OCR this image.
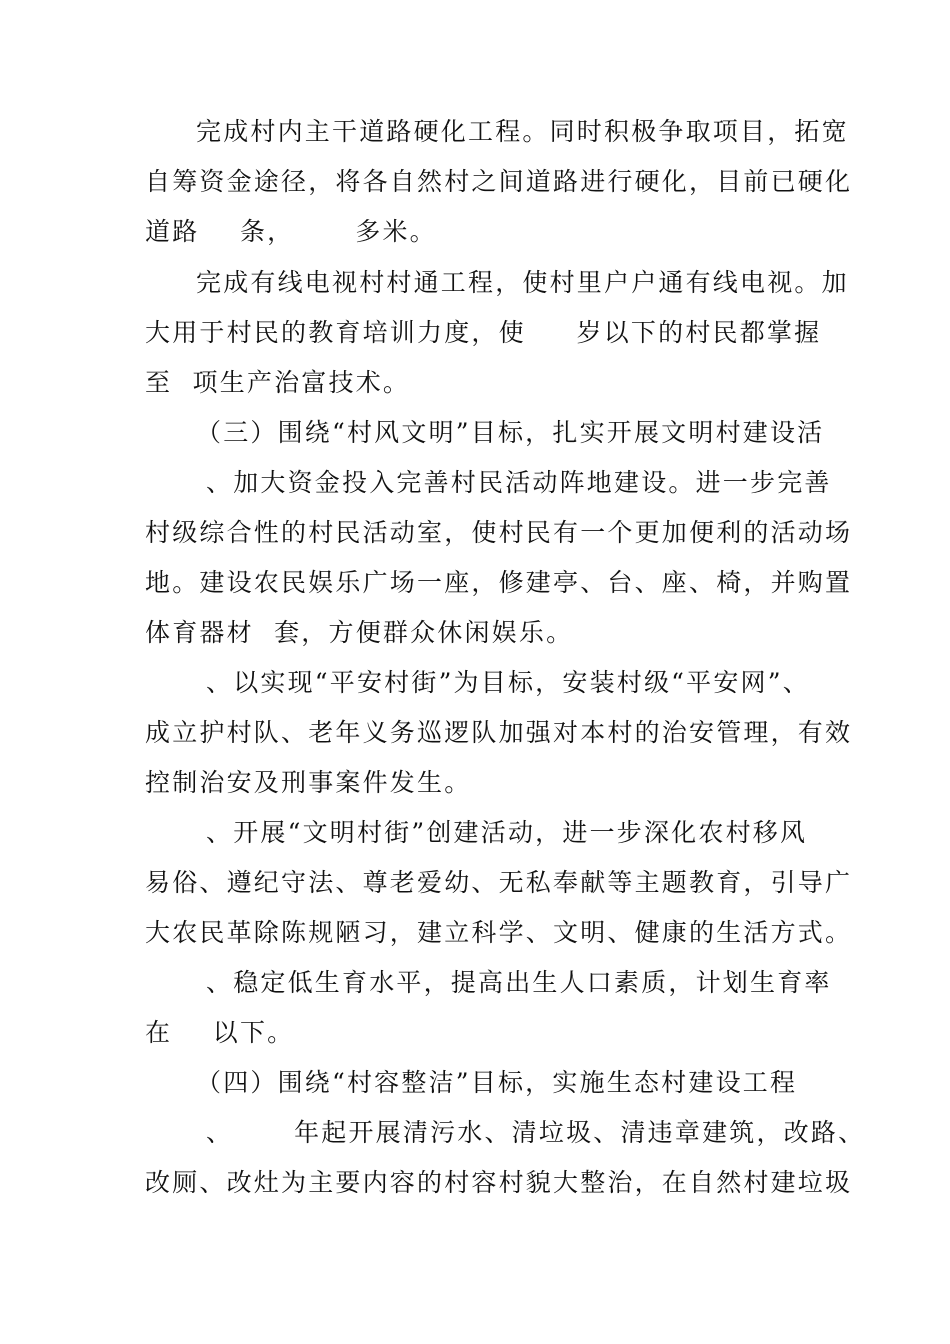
完成村内主干道路硬化工程。同时积极争取项目，拓宽
自筹资金途径，将各自然村之间道路进行硬化，目前已硬化
道路    条，      多米。
完成有线电视村村通工程，使村里户户通有线电视。加
大用于村民的教育培训力度，使     岁以下的村民都掌握
至  项生产治富技术。
（三）围绕“村风文明”目标，扎实开展文明村建设活
、加大资金投入完善村民活动阵地建设。进一步完善
村级综合性的村民活动室，使村民有一个更加便利的活动场
地。建设农民娱乐广场一座，修建亭、台、座、椅，并购置
体育器材  套，方便群众休闲娱乐。
、以实现“平安村街”为目标，安装村级“平安网”、
成立护村队、老年义务巡逻队加强对本村的治安管理，有效
控制治安及刑事案件发生。
、开展“文明村街”创建活动，进一步深化农村移风
易俗、遵纪守法、尊老爱幼、无私奉献等主题教育，引导广
大农民革除陈规陋习，建立科学、文明、健康的生活方式。
、稳定低生育水平，提高出生人口素质，计划生育率
在    以下。
（四）围绕“村容整洁”目标，实施生态村建设工程
、      年起开展清污水、清垃圾、清违章建筑，改路、
改厕、改灶为主要内容的村容村貌大整治，在自然村建垃圾
